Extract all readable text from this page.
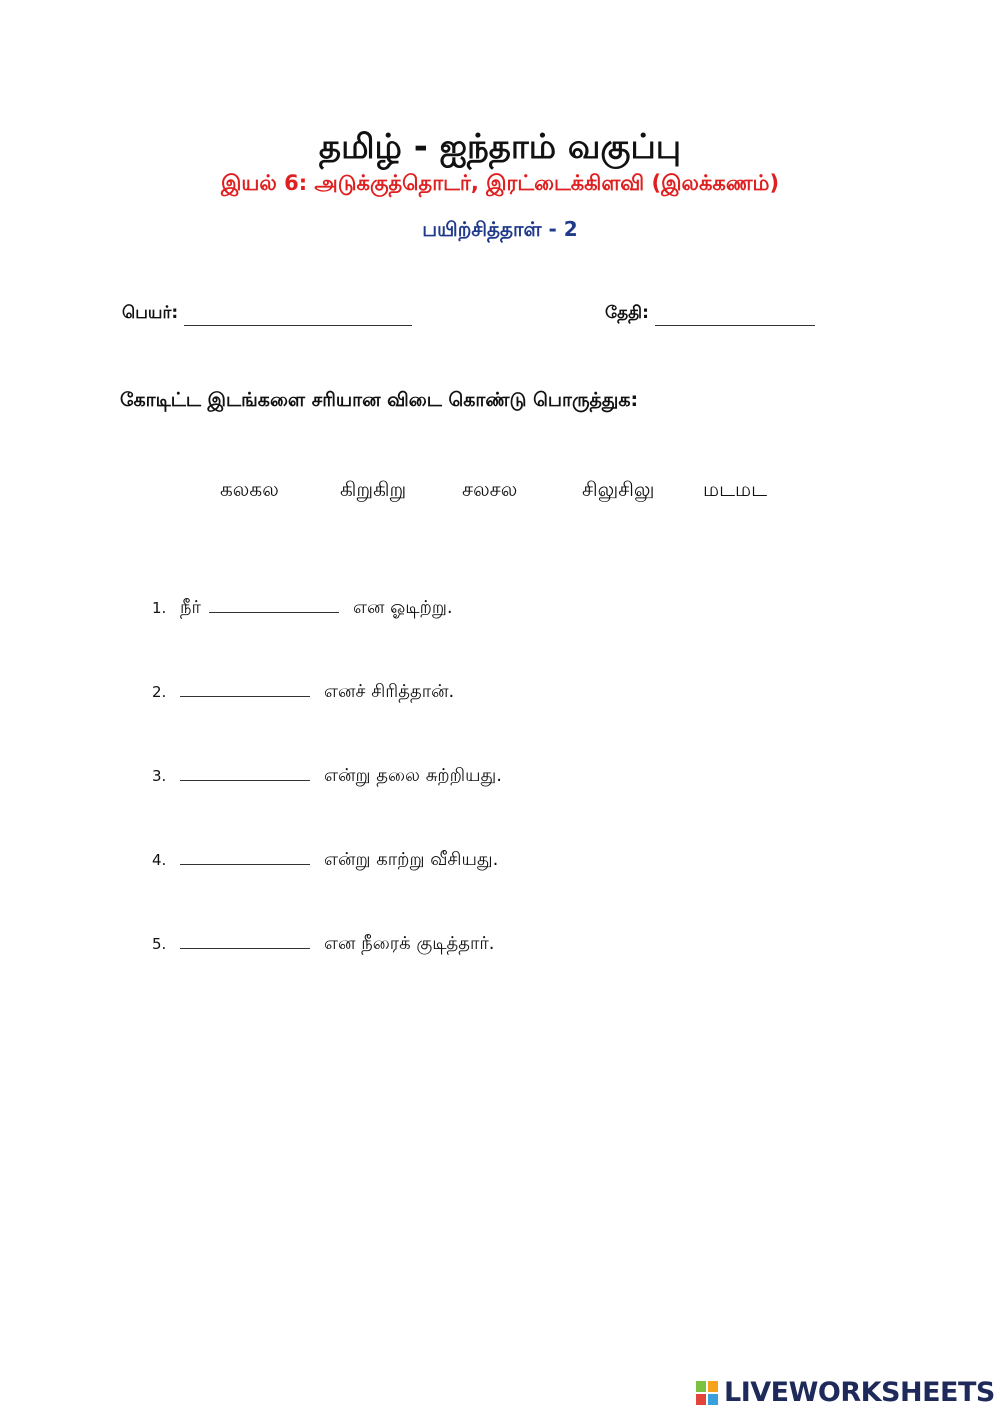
தமிழ் - ஐந்தாம் வகுப்பு
இயல் 6: அடுக்குத்தொடர், இரட்டைக்கிளவி (இலக்கணம்)
பயிற்சித்தாள் - 2
பெயர்:	தேதி:
கோடிட்ட இடங்களை சரியான விடை கொண்டு பொருத்துக:
கலகல	கிறுகிறு	சலசல	சிலுசிலு மடமட
1. நீர்	என ஓடிற்று.
2.	எனச் சிரித்தான்.
3.	என்று தலை சுற்றியது.
4.	என்று காற்று வீசியது.
5.	என நீரைக் குடித்தார்.
LIVEWORKSHEETS
